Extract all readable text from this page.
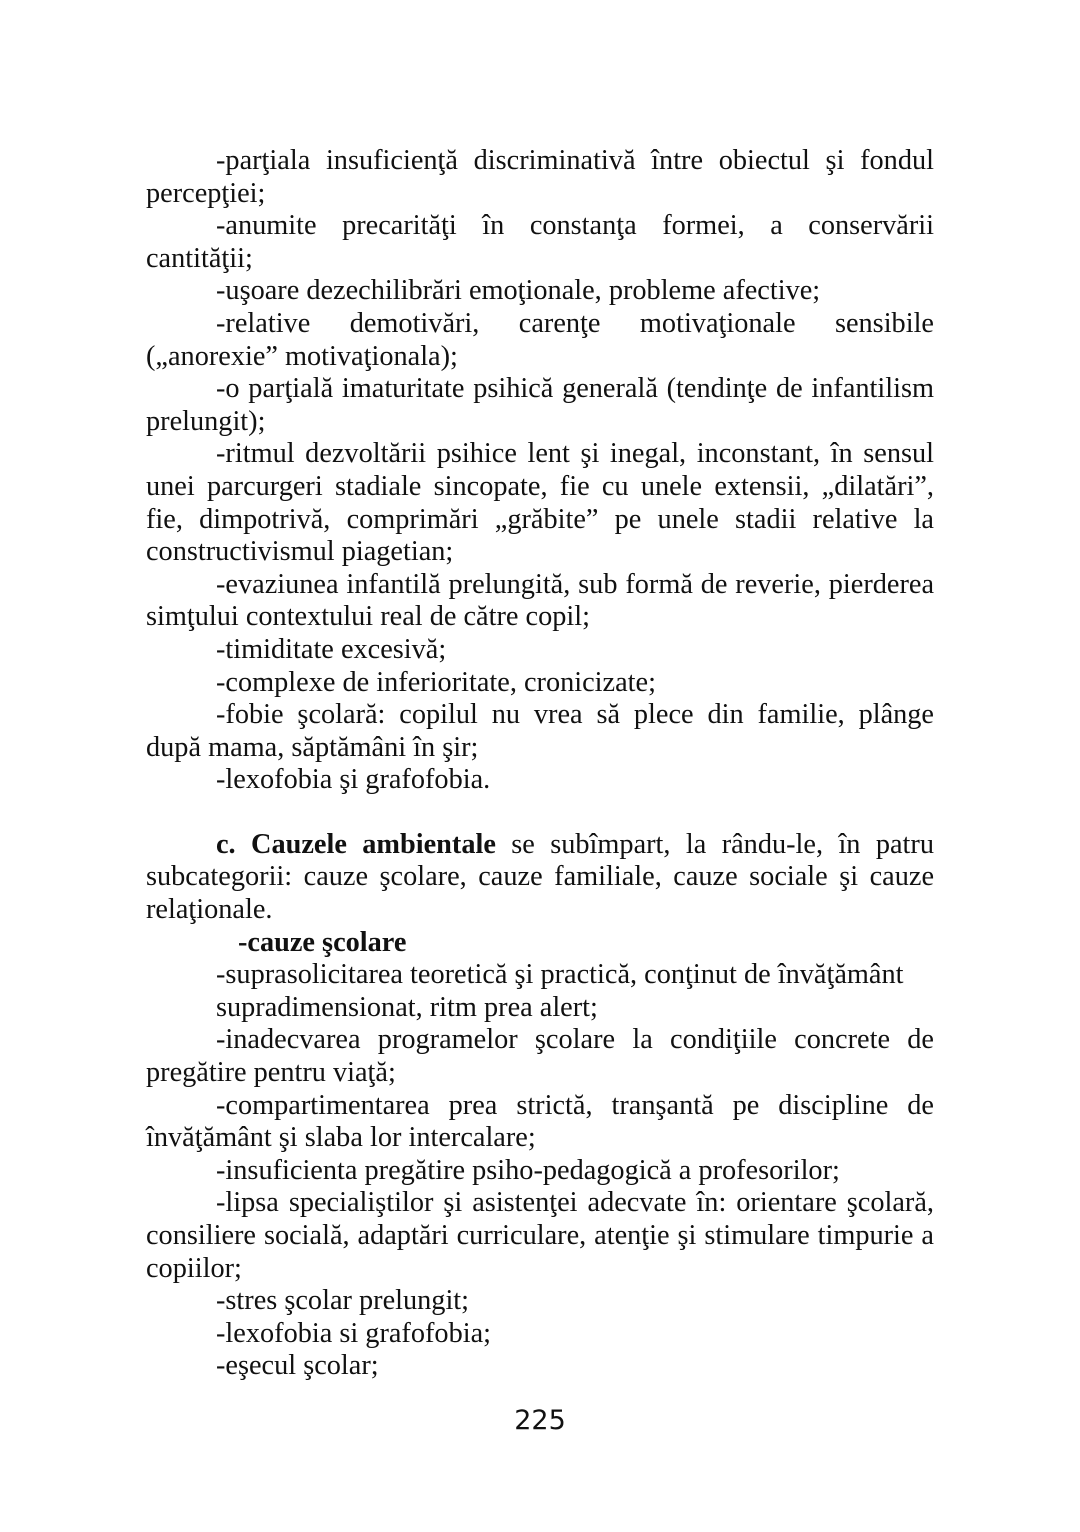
-parţiala insuficienţă discriminativă între obiectul şi fondul percepţiei;

-anumite precarităţi în constanţa formei, a conservării cantităţii;

-uşoare dezechilibrări emoţionale, probleme afective;

-relative demotivări, carenţe motivaţionale sensibile („anorexie” motivaţionala);

-o parţială imaturitate psihică generală (tendinţe de infantilism prelungit);

-ritmul dezvoltării psihice lent şi inegal, inconstant, în sensul unei parcurgeri stadiale sincopate, fie cu unele extensii, „dilatări”, fie, dimpotrivă, comprimări „grăbite” pe unele stadii relative la constructivismul piagetian;

-evaziunea infantilă prelungită, sub formă de reverie, pierderea simţului contextului real de către copil;

-timiditate excesivă;

-complexe de inferioritate, cronicizate;

-fobie şcolară: copilul nu vrea să plece din familie, plânge după mama, săptămâni în şir;

-lexofobia şi grafofobia.

c. Cauzele ambientale se subîmpart, la rându-le, în patru subcategorii: cauze şcolare, cauze familiale, cauze sociale şi cauze relaţionale.

-cauze şcolare

-suprasolicitarea teoretică şi practică, conţinut de învăţământ supradimensionat, ritm prea alert;

-inadecvarea programelor şcolare la condiţiile concrete de pregătire pentru viaţă;

-compartimentarea prea strictă, tranşantă pe discipline de învăţământ şi slaba lor intercalare;

-insuficienta pregătire psiho-pedagogică a profesorilor;

-lipsa specialiştilor şi asistenţei adecvate în: orientare şcolară, consiliere socială, adaptări curriculare, atenţie şi stimulare timpurie a copiilor;

-stres şcolar prelungit;

-lexofobia si grafofobia;

-eşecul şcolar;

225
